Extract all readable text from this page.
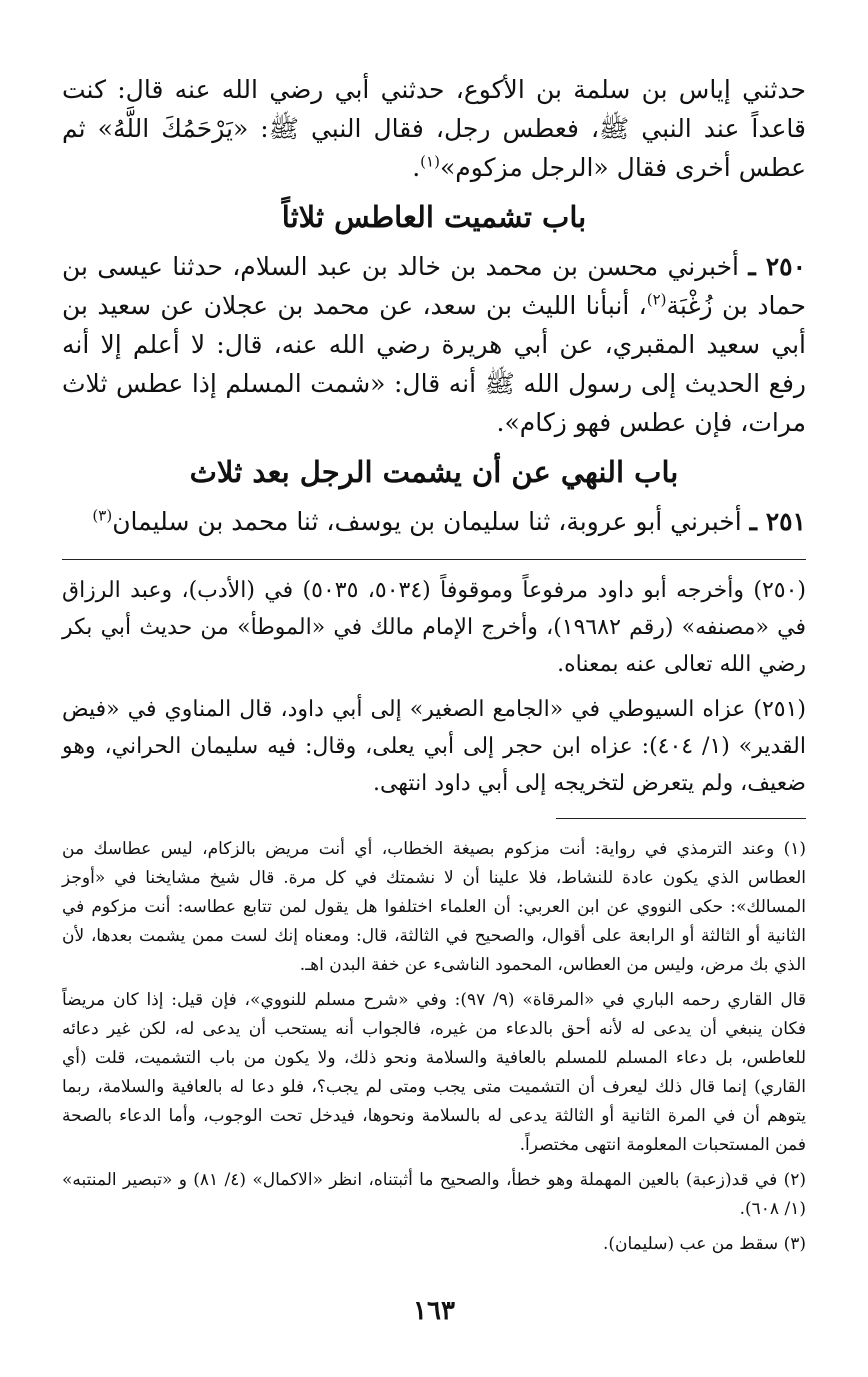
حدثني إياس بن سلمة بن الأكوع، حدثني أبي رضي الله عنه قال: كنت قاعداً عند النبي ﷺ، فعطس رجل، فقال النبي ﷺ: «يَرْحَمُكَ اللَّهُ» ثم عطس أخرى فقال «الرجل مزكوم»$^{(١)}$.

باب تشميت العاطس ثلاثاً

٢٥٠ ـ أخبرني محسن بن محمد بن خالد بن عبد السلام، حدثنا عيسى بن حماد بن زُغْبَة$^{(٢)}$، أنبأنا الليث بن سعد، عن محمد بن عجلان عن سعيد بن أبي سعيد المقبري، عن أبي هريرة رضي الله عنه، قال: لا أعلم إلا أنه رفع الحديث إلى رسول الله ﷺ أنه قال: «شمت المسلم إذا عطس ثلاث مرات، فإن عطس فهو زكام».

باب النهي عن أن يشمت الرجل بعد ثلاث

٢٥١ ـ أخبرني أبو عروبة، ثنا سليمان بن يوسف، ثنا محمد بن سليمان$^{(٣)}$

(٢٥٠) وأخرجه أبو داود مرفوعاً وموقوفاً (٥٠٣٤، ٥٠٣٥) في (الأدب)، وعبد الرزاق في «مصنفه» (رقم ١٩٦٨٢)، وأخرج الإمام مالك في «الموطأ» من حديث أبي بكر رضي الله تعالى عنه بمعناه.

(٢٥١) عزاه السيوطي في «الجامع الصغير» إلى أبي داود، قال المناوي في «فيض القدير» (١/ ٤٠٤): عزاه ابن حجر إلى أبي يعلى، وقال: فيه سليمان الحراني، وهو ضعيف، ولم يتعرض لتخريجه إلى أبي داود انتهى.

(١) وعند الترمذي في رواية: أنت مزكوم بصيغة الخطاب، أي أنت مريض بالزكام، ليس عطاسك من العطاس الذي يكون عادة للنشاط، فلا علينا أن لا نشمتك في كل مرة. قال شيخ مشايخنا في «أوجز المسالك»: حكى النووي عن ابن العربي: أن العلماء اختلفوا هل يقول لمن تتابع عطاسه: أنت مزكوم في الثانية أو الثالثة أو الرابعة على أقوال، والصحيح في الثالثة، قال: ومعناه إنك لست ممن يشمت بعدها، لأن الذي بك مرض، وليس من العطاس، المحمود الناشىء عن خفة البدن اهـ.

قال القاري رحمه الباري في «المرقاة» (٩/ ٩٧): وفي «شرح مسلم للنووي»، فإن قيل: إذا كان مريضاً فكان ينبغي أن يدعى له لأنه أحق بالدعاء من غيره، فالجواب أنه يستحب أن يدعى له، لكن غير دعائه للعاطس، بل دعاء المسلم للمسلم بالعافية والسلامة ونحو ذلك، ولا يكون من باب التشميت، قلت (أي القاري) إنما قال ذلك ليعرف أن التشميت متى يجب ومتى لم يجب؟، فلو دعا له بالعافية والسلامة، ربما يتوهم أن في المرة الثانية أو الثالثة يدعى له بالسلامة ونحوها، فيدخل تحت الوجوب، وأما الدعاء بالصحة فمن المستحبات المعلومة انتهى مختصراً.

(٢) في قد(زعبة) بالعين المهملة وهو خطأ، والصحيح ما أثبتناه، انظر «الاكمال» (٤/ ٨١) و «تبصير المنتبه» (١/ ٦٠٨).

(٣) سقط من عب (سليمان).

١٦٣
